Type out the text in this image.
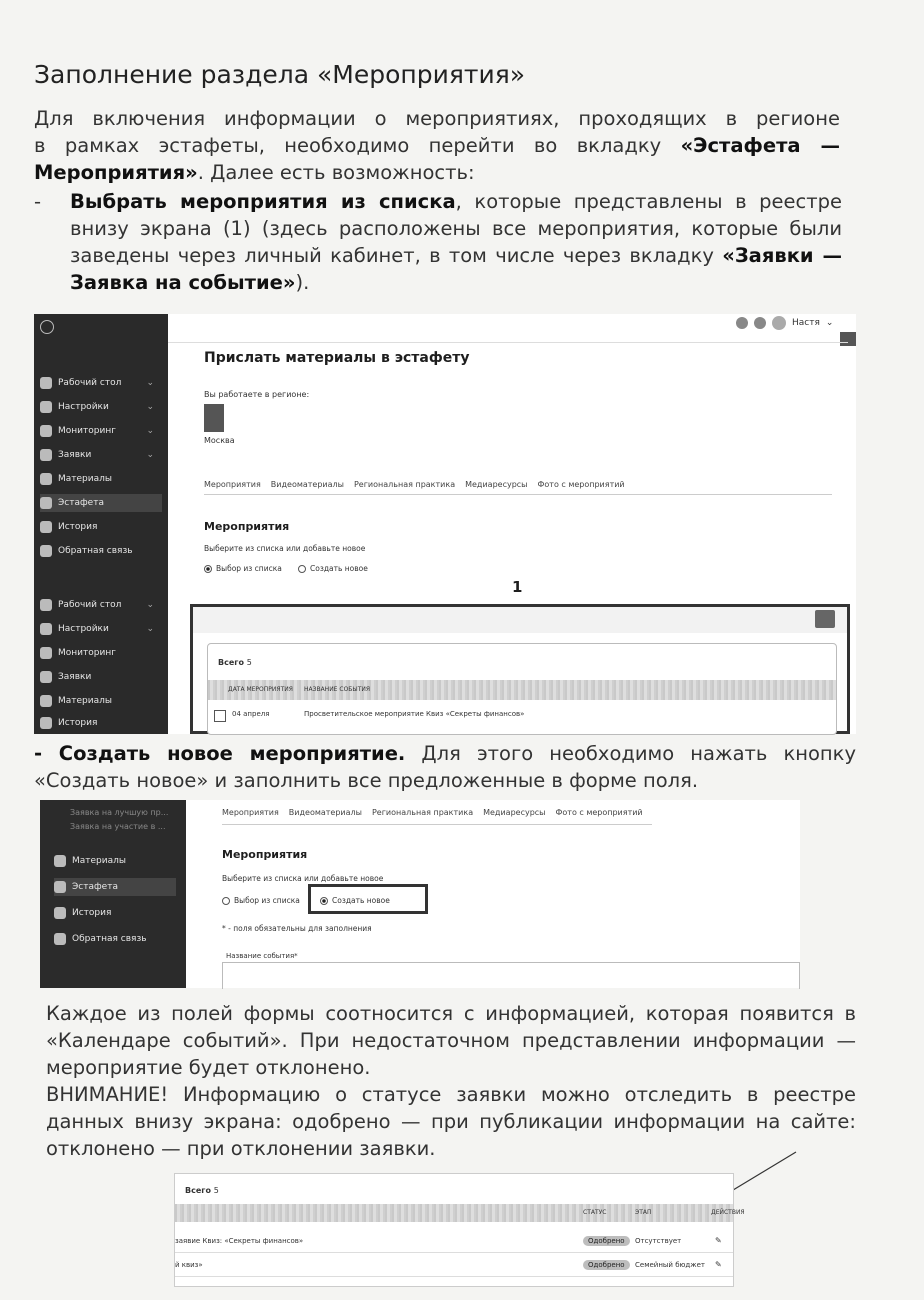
Заполнение раздела «Мероприятия»
Для включения информации о мероприятиях, проходящих в регионе
в рамках эстафеты, необходимо перейти во вкладку «Эстафета —
Мероприятия». Далее есть возможность:
- Выбрать мероприятия из списка, которые представлены в реестре
внизу экрана (1) (здесь расположены все мероприятия, которые были
заведены через личный кабинет, в том числе через вкладку «Заявки —
Заявка на событие»).
Рабочий стол	⌄
Настройки	⌄
Мониторинг	⌄
Заявки	⌄
Материалы
Эстафета
История
Обратная связь
Рабочий стол	⌄
Настройки	⌄
Мониторинг
Заявки
Материалы
История
Настя ⌄
Прислать материалы в эстафету
Вы работаете в регионе:
Москва
Мероприятия Видеоматериалы Региональная практика Медиаресурсы Фото с мероприятий
Мероприятия
Выберите из списка или добавьте новое
Выбор из списка	Создать новое
1
Всего 5
ДАТА МЕРОПРИЯТИЯ НАЗВАНИЕ СОБЫТИЯ
04 апреля	Просветительское мероприятие Квиз «Секреты финансов»
- Создать новое мероприятие. Для этого необходимо нажать кнопку
«Создать новое» и заполнить все предложенные в форме поля.
Заявка на лучшую пр...
Заявка на участие в ...
Материалы
Эстафета
История
Обратная связь
Мероприятия Видеоматериалы Региональная практика Медиаресурсы Фото с мероприятий
Мероприятия
Выберите из списка или добавьте новое
Выбор из списка	Создать новое
* - поля обязательны для заполнения
Название события*
Каждое из полей формы соотносится с информацией, которая появится в
«Календаре событий». При недостаточном представлении информации —
мероприятие будет отклонено.
ВНИМАНИЕ! Информацию о статусе заявки можно отследить в реестре
данных внизу экрана: одобрено — при публикации информации на сайте:
отклонено — при отклонении заявки.
Всего 5
СТАТУС	ЭТАП	ДЕЙСТВИЯ
заявие Квиз: «Секреты финансов»	Одобрено	Отсутствует	✎
й квиз»	Одобрено	Семейный бюджет ✎
